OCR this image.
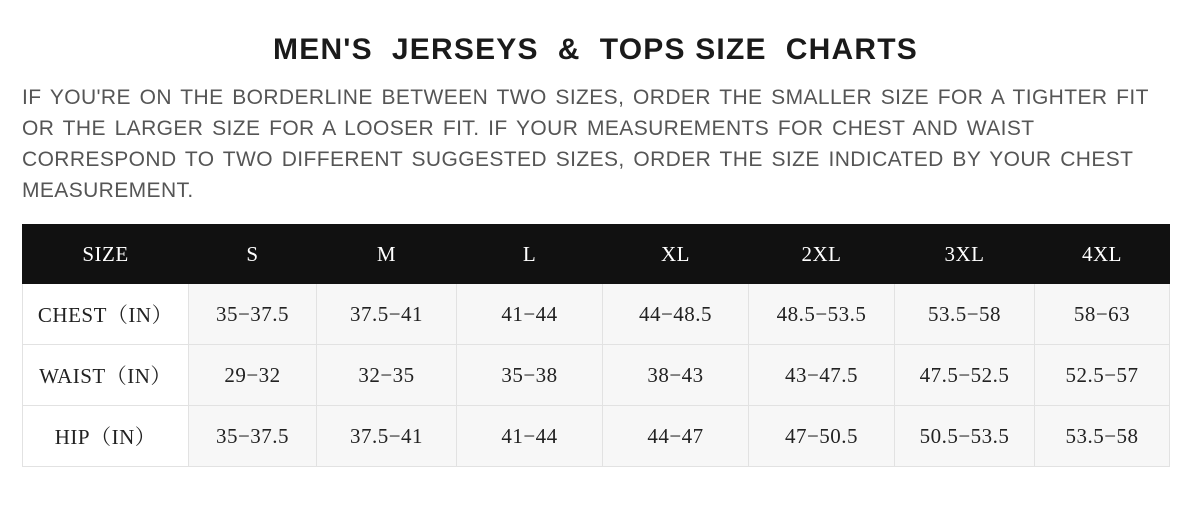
MEN'S  JERSEYS  &  TOPS SIZE  CHARTS

IF YOU'RE ON THE BORDERLINE BETWEEN TWO SIZES, ORDER THE SMALLER SIZE FOR A TIGHTER FIT OR THE LARGER SIZE FOR A LOOSER FIT. IF YOUR MEASUREMENTS FOR CHEST AND WAIST CORRESPOND TO TWO DIFFERENT SUGGESTED SIZES, ORDER THE SIZE INDICATED BY YOUR CHEST MEASUREMENT.

SIZE	S	M	L	XL	2XL	3XL	4XL
CHEST（IN）	35−37.5	37.5−41	41−44	44−48.5	48.5−53.5	53.5−58	58−63
WAIST（IN）	29−32	32−35	35−38	38−43	43−47.5	47.5−52.5	52.5−57
HIP（IN）	35−37.5	37.5−41	41−44	44−47	47−50.5	50.5−53.5	53.5−58
